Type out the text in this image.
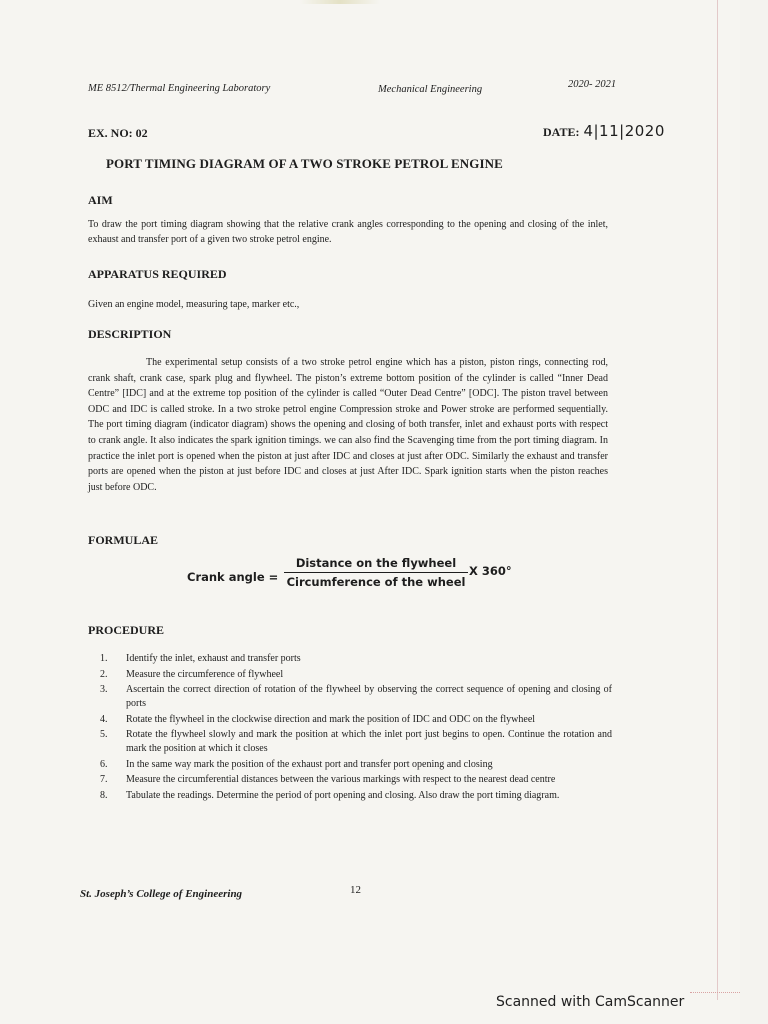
ME 8512/Thermal Engineering Laboratory	Mechanical Engineering	2020- 2021
EX. NO: 02	DATE: 4|11|2020
PORT TIMING DIAGRAM OF A TWO STROKE PETROL ENGINE
AIM
To draw the port timing diagram showing that the relative crank angles corresponding to the opening and closing of the inlet, exhaust and transfer port of a given two stroke petrol engine.
APPARATUS REQUIRED
Given an engine model, measuring tape, marker etc.,
DESCRIPTION
The experimental setup consists of a two stroke petrol engine which has a piston, piston rings, connecting rod, crank shaft, crank case, spark plug and flywheel. The piston’s extreme bottom position of the cylinder is called “Inner Dead Centre” [IDC] and at the extreme top position of the cylinder is called “Outer Dead Centre” [ODC]. The piston travel between ODC and IDC is called stroke. In a two stroke petrol engine Compression stroke and Power stroke are performed sequentially. The port timing diagram (indicator diagram) shows the opening and closing of both transfer, inlet and exhaust ports with respect to crank angle. It also indicates the spark ignition timings. we can also find the Scavenging time from the port timing diagram. In practice the inlet port is opened when the piston at just after IDC and closes at just after ODC. Similarly the exhaust and transfer ports are opened when the piston at just before IDC and closes at just After IDC. Spark ignition starts when the piston reaches just before ODC.
FORMULAE
Crank angle =
Distance on the flywheel
Circumference of the wheel
X 360°
PROCEDURE
1. Identify the inlet, exhaust and transfer ports
2. Measure the circumference of flywheel
3. Ascertain the correct direction of rotation of the flywheel by observing the correct sequence of opening and closing of ports
4. Rotate the flywheel in the clockwise direction and mark the position of IDC and ODC on the flywheel
5. Rotate the flywheel slowly and mark the position at which the inlet port just begins to open. Continue the rotation and mark the position at which it closes
6. In the same way mark the position of the exhaust port and transfer port opening and closing
7. Measure the circumferential distances between the various markings with respect to the nearest dead centre
8. Tabulate the readings. Determine the period of port opening and closing. Also draw the port timing diagram.
St. Joseph’s College of Engineering	12
Scanned with CamScanner
